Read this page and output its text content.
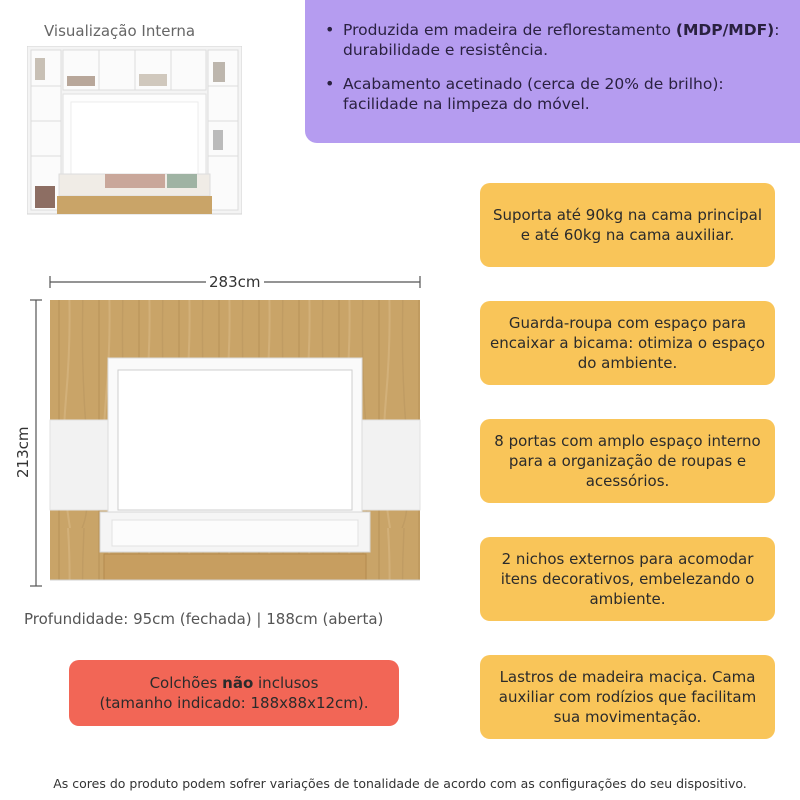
Visualização Interna
•	Produzida em madeira de reflorestamento (MDP/MDF): durabilidade e resistência.
• Acabamento acetinado (cerca de 20% de brilho): facilidade na limpeza do móvel.
283cm
213cm
Profundidade: 95cm (fechada) | 188cm (aberta)
Colchões não inclusos
(tamanho indicado: 188x88x12cm).
Suporta até 90kg na cama principal e até 60kg na cama auxiliar.
Guarda-roupa com espaço para encaixar a bicama: otimiza o espaço do ambiente.
8 portas com amplo espaço interno para a organização de roupas e acessórios.
2 nichos externos para acomodar itens decorativos, embelezando o ambiente.
Lastros de madeira maciça. Cama auxiliar com rodízios que facilitam sua movimentação.
As cores do produto podem sofrer variações de tonalidade de acordo com as configurações do seu dispositivo.
